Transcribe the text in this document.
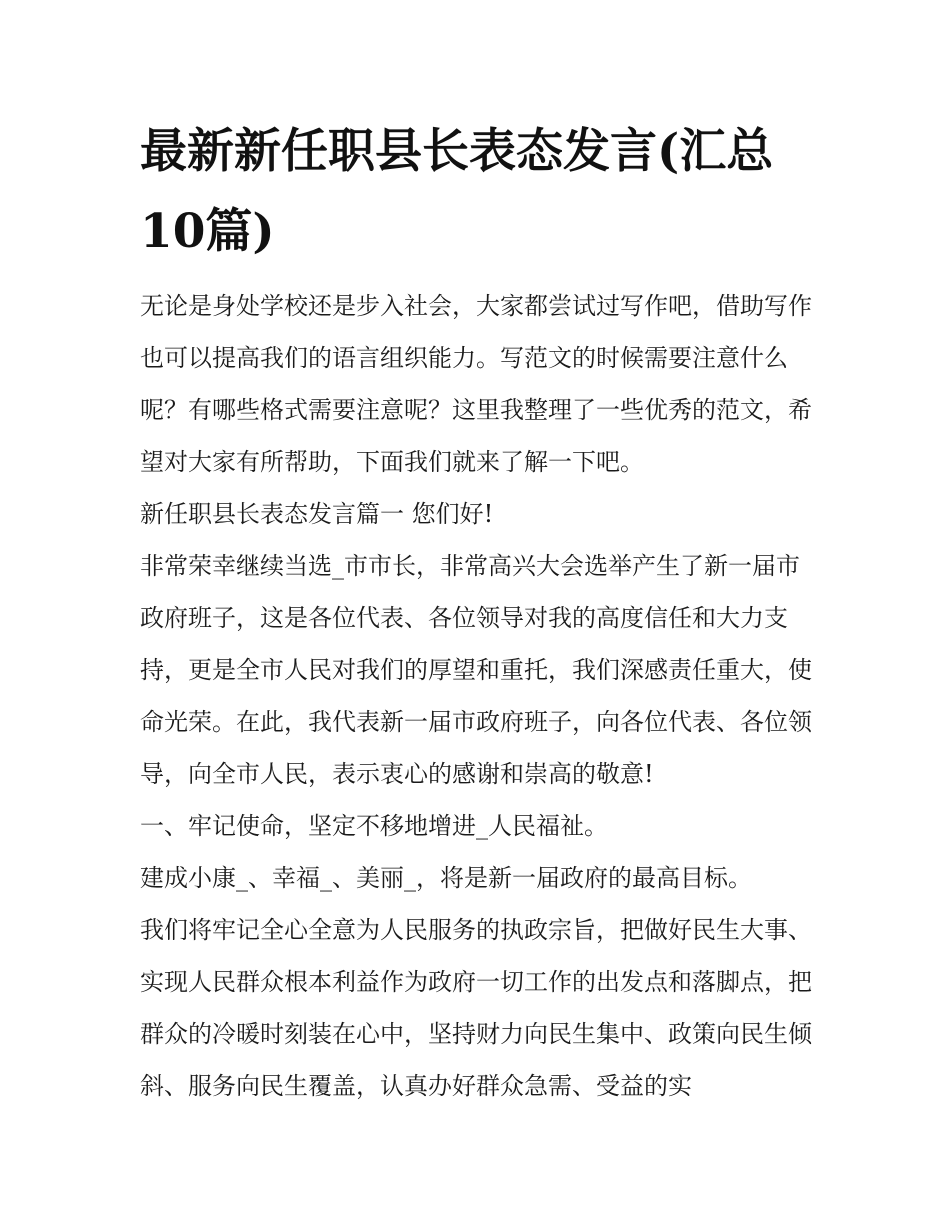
最新新任职县长表态发言(汇总10篇)

无论是身处学校还是步入社会，大家都尝试过写作吧，借助写作也可以提高我们的语言组织能力。写范文的时候需要注意什么呢？有哪些格式需要注意呢？这里我整理了一些优秀的范文，希望对大家有所帮助，下面我们就来了解一下吧。

新任职县长表态发言篇一 您们好!

非常荣幸继续当选_市市长，非常高兴大会选举产生了新一届市政府班子，这是各位代表、各位领导对我的高度信任和大力支持，更是全市人民对我们的厚望和重托，我们深感责任重大，使命光荣。在此，我代表新一届市政府班子，向各位代表、各位领导，向全市人民，表示衷心的感谢和崇高的敬意!

一、牢记使命，坚定不移地增进_人民福祉。

建成小康_、幸福_、美丽_，将是新一届政府的最高目标。

我们将牢记全心全意为人民服务的执政宗旨，把做好民生大事、实现人民群众根本利益作为政府一切工作的出发点和落脚点，把群众的冷暖时刻装在心中，坚持财力向民生集中、政策向民生倾斜、服务向民生覆盖，认真办好群众急需、受益的实
